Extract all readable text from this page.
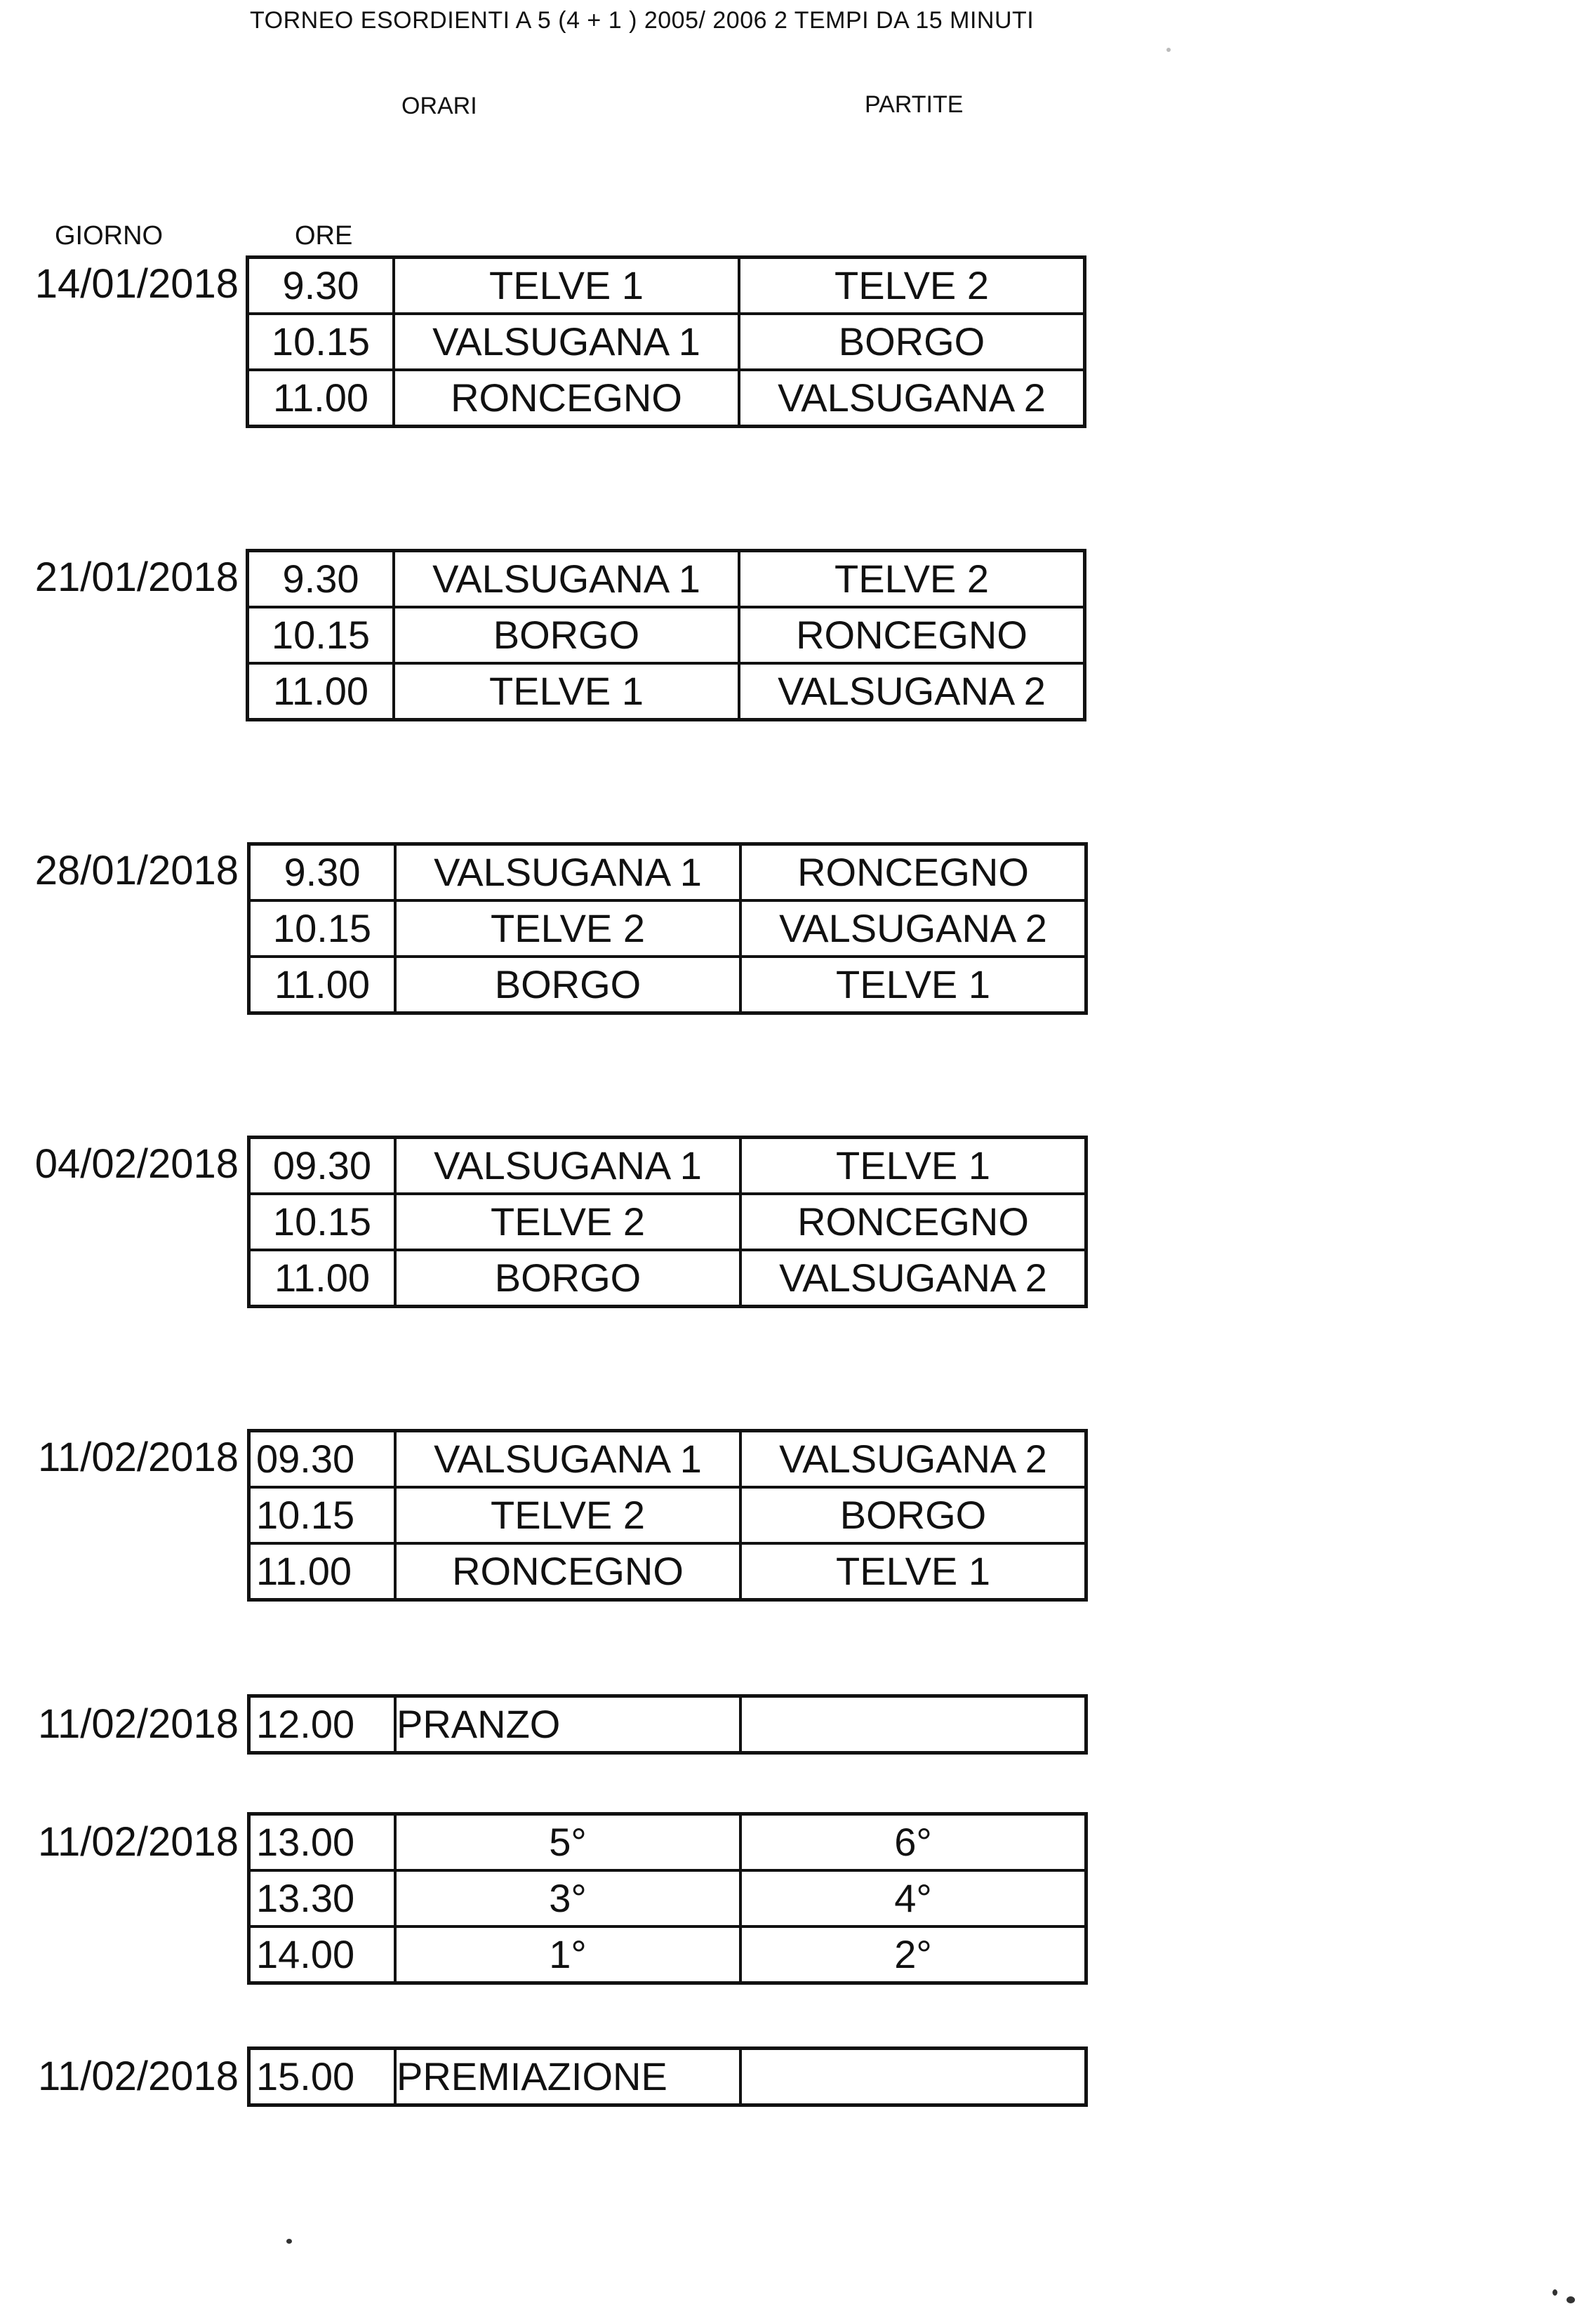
TORNEO ESORDIENTI A 5 (4 + 1 ) 2005/ 2006 2 TEMPI DA 15 MINUTI
ORARI	PARTITE
GIORNO	ORE
14/01/2018 9.30	TELVE 1	TELVE 2
10.15	VALSUGANA 1	BORGO
11.00	RONCEGNO	VALSUGANA 2
21/01/2018 9.30	VALSUGANA 1	TELVE 2
10.15	BORGO	RONCEGNO
11.00	TELVE 1	VALSUGANA 2
28/01/2018 9.30	VALSUGANA 1	RONCEGNO
10.15	TELVE 2	VALSUGANA 2
11.00	BORGO	TELVE 1
04/02/2018 09.30	VALSUGANA 1	TELVE 1
10.15	TELVE 2	RONCEGNO
11.00	BORGO	VALSUGANA 2
11/02/2018 09.30	VALSUGANA 1	VALSUGANA 2
10.15	TELVE 2	BORGO
11.00	RONCEGNO	TELVE 1
11/02/2018 12.00	PRANZO	
11/02/2018 13.00	5°	6°
13.30	3°	4°
14.00	1°	2°
11/02/2018 15.00	PREMIAZIONE	
